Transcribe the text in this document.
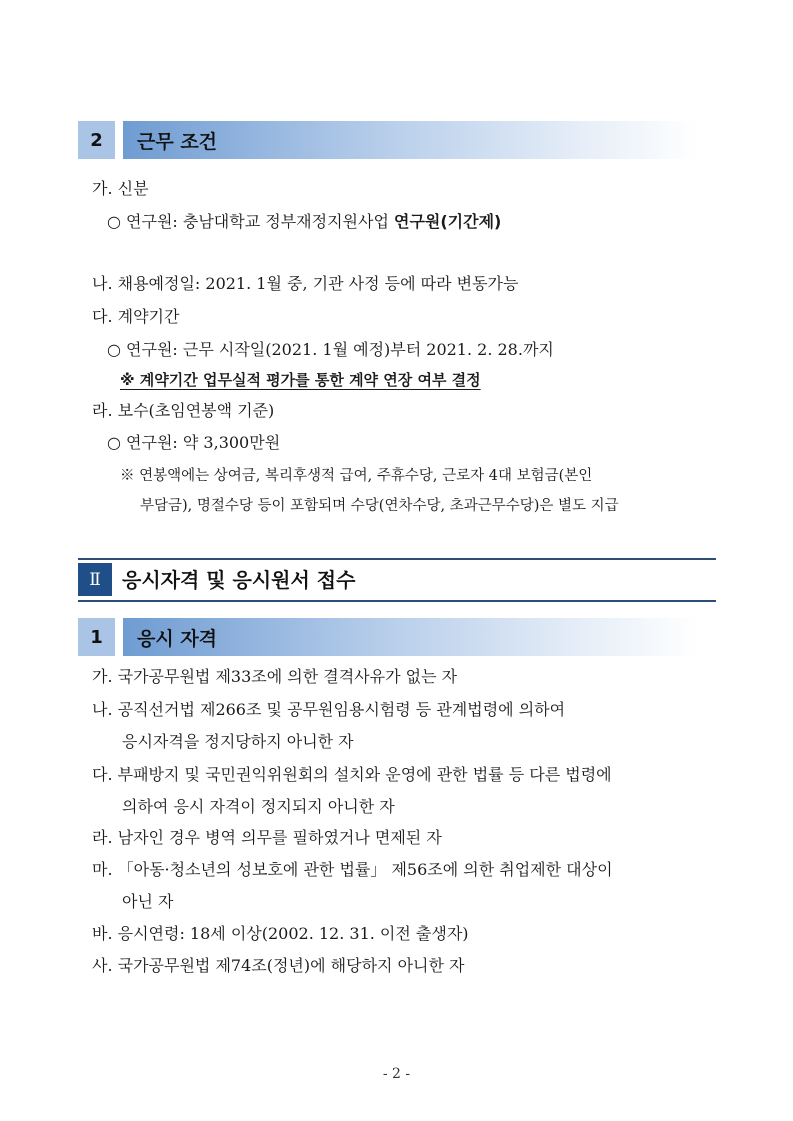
2	근무 조건
가. 신분
○ 연구원: 충남대학교 정부재정지원사업 연구원(기간제)
나. 채용예정일: 2021. 1월 중, 기관 사정 등에 따라 변동가능
다. 계약기간
○ 연구원: 근무 시작일(2021. 1월 예정)부터 2021. 2. 28.까지
※ 계약기간 업무실적 평가를 통한 계약 연장 여부 결정
라. 보수(초임연봉액 기준)
○ 연구원: 약 3,300만원
※ 연봉액에는 상여금, 복리후생적 급여, 주휴수당, 근로자 4대 보험금(본인
부담금), 명절수당 등이 포함되며 수당(연차수당, 초과근무수당)은 별도 지급
Ⅱ	응시자격 및 응시원서 접수
1	응시 자격
가. 국가공무원법 제33조에 의한 결격사유가 없는 자
나. 공직선거법 제266조 및 공무원임용시험령 등 관계법령에 의하여
응시자격을 정지당하지 아니한 자
다. 부패방지 및 국민권익위원회의 설치와 운영에 관한 법률 등 다른 법령에
의하여 응시 자격이 정지되지 아니한 자
라. 남자인 경우 병역 의무를 필하였거나 면제된 자
마. 「아동·청소년의 성보호에 관한 법률」 제56조에 의한 취업제한 대상이
아닌 자
바. 응시연령: 18세 이상(2002. 12. 31. 이전 출생자)
사. 국가공무원법 제74조(정년)에 해당하지 아니한 자
- 2 -
